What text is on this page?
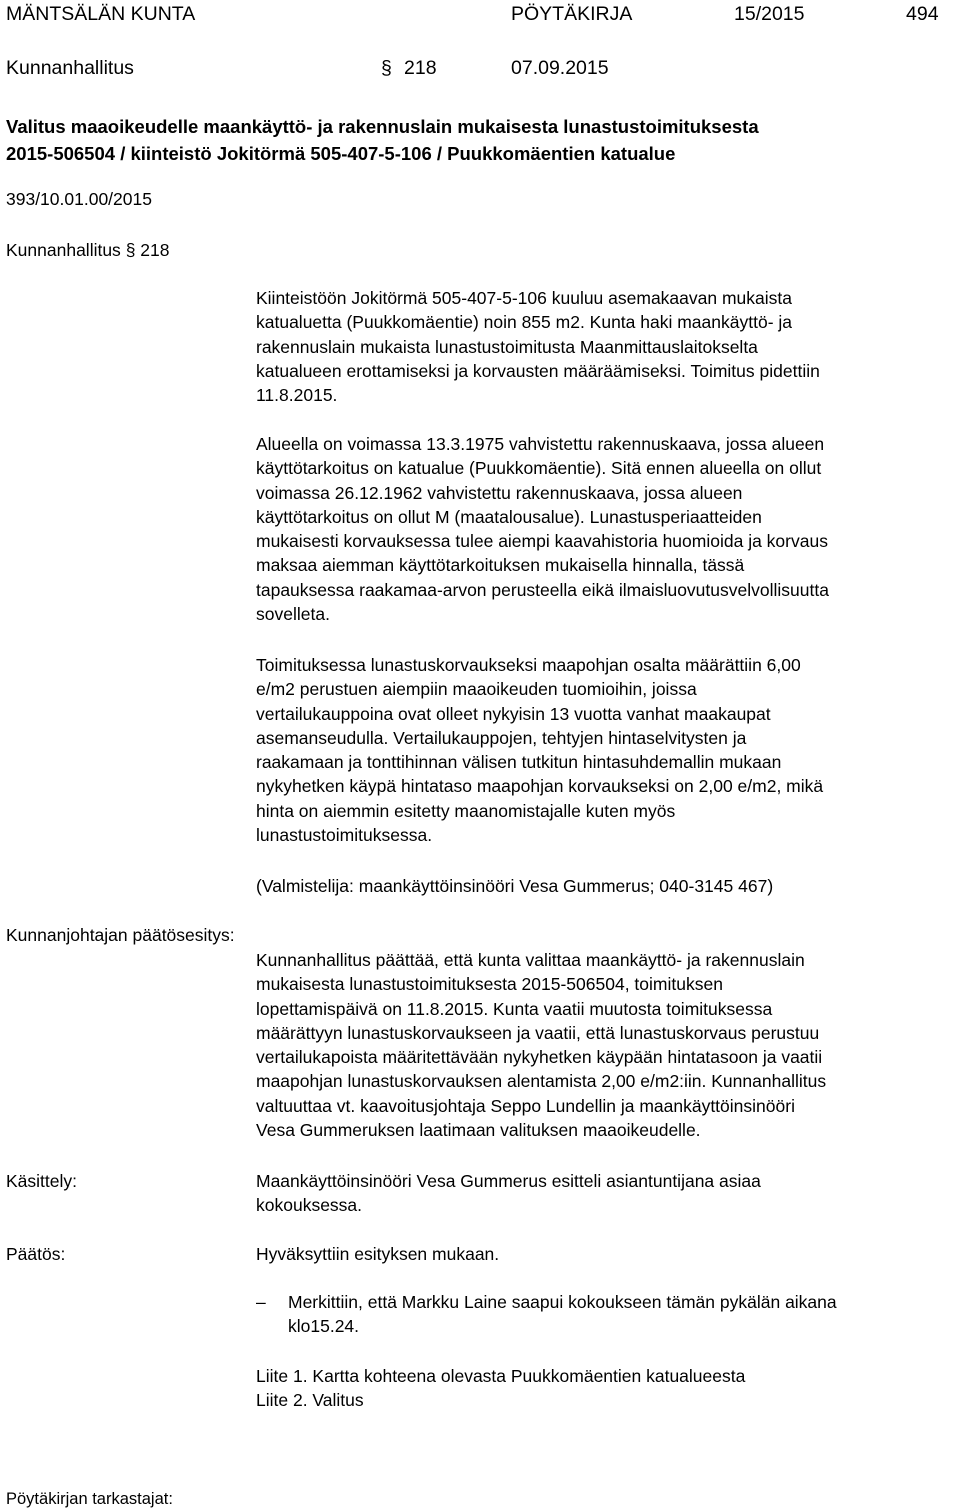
MÄNTSÄLÄN KUNTA	PÖYTÄKIRJA	15/2015	494
Kunnanhallitus	§ 218	07.09.2015
Valitus maaoikeudelle maankäyttö- ja rakennuslain mukaisesta lunastustoimituksesta
2015-506504 / kiinteistö Jokitörmä 505-407-5-106 / Puukkomäentien katualue
393/10.01.00/2015
Kunnanhallitus § 218
Kiinteistöön Jokitörmä 505-407-5-106 kuuluu asemakaavan mukaista
katualuetta (Puukkomäentie) noin 855 m2. Kunta haki maankäyttö- ja
rakennuslain mukaista lunastustoimitusta Maanmittauslaitokselta
katualueen erottamiseksi ja korvausten määräämiseksi. Toimitus pidettiin
11.8.2015.
Alueella on voimassa 13.3.1975 vahvistettu rakennuskaava, jossa alueen
käyttötarkoitus on katualue (Puukkomäentie). Sitä ennen alueella on ollut
voimassa 26.12.1962 vahvistettu rakennuskaava, jossa alueen
käyttötarkoitus on ollut M (maatalousalue). Lunastusperiaatteiden
mukaisesti korvauksessa tulee aiempi kaavahistoria huomioida ja korvaus
maksaa aiemman käyttötarkoituksen mukaisella hinnalla, tässä
tapauksessa raakamaa-arvon perusteella eikä ilmaisluovutusvelvollisuutta
sovelleta.
Toimituksessa lunastuskorvaukseksi maapohjan osalta määrättiin 6,00
e/m2 perustuen aiempiin maaoikeuden tuomioihin, joissa
vertailukauppoina ovat olleet nykyisin 13 vuotta vanhat maakaupat
asemanseudulla. Vertailukauppojen, tehtyjen hintaselvitysten ja
raakamaan ja tonttihinnan välisen tutkitun hintasuhdemallin mukaan
nykyhetken käypä hintataso maapohjan korvaukseksi on 2,00 e/m2, mikä
hinta on aiemmin esitetty maanomistajalle kuten myös
lunastustoimituksessa.
(Valmistelija: maankäyttöinsinööri Vesa Gummerus; 040-3145 467)
Kunnanjohtajan päätösesitys:
Kunnanhallitus päättää, että kunta valittaa maankäyttö- ja rakennuslain
mukaisesta lunastustoimituksesta 2015-506504, toimituksen
lopettamispäivä on 11.8.2015. Kunta vaatii muutosta toimituksessa
määrättyyn lunastuskorvaukseen ja vaatii, että lunastuskorvaus perustuu
vertailukapoista määritettävään nykyhetken käypään hintatasoon ja vaatii
maapohjan lunastuskorvauksen alentamista 2,00 e/m2:iin. Kunnanhallitus
valtuuttaa vt. kaavoitusjohtaja Seppo Lundellin ja maankäyttöinsinööri
Vesa Gummeruksen laatimaan valituksen maaoikeudelle.
Käsittely:	Maankäyttöinsinööri Vesa Gummerus esitteli asiantuntijana asiaa
kokouksessa.
Päätös:	Hyväksyttiin esityksen mukaan.
– Merkittiin, että Markku Laine saapui kokoukseen tämän pykälän aikana
klo15.24.
Liite 1. Kartta kohteena olevasta Puukkomäentien katualueesta
Liite 2. Valitus
Pöytäkirjan tarkastajat:
